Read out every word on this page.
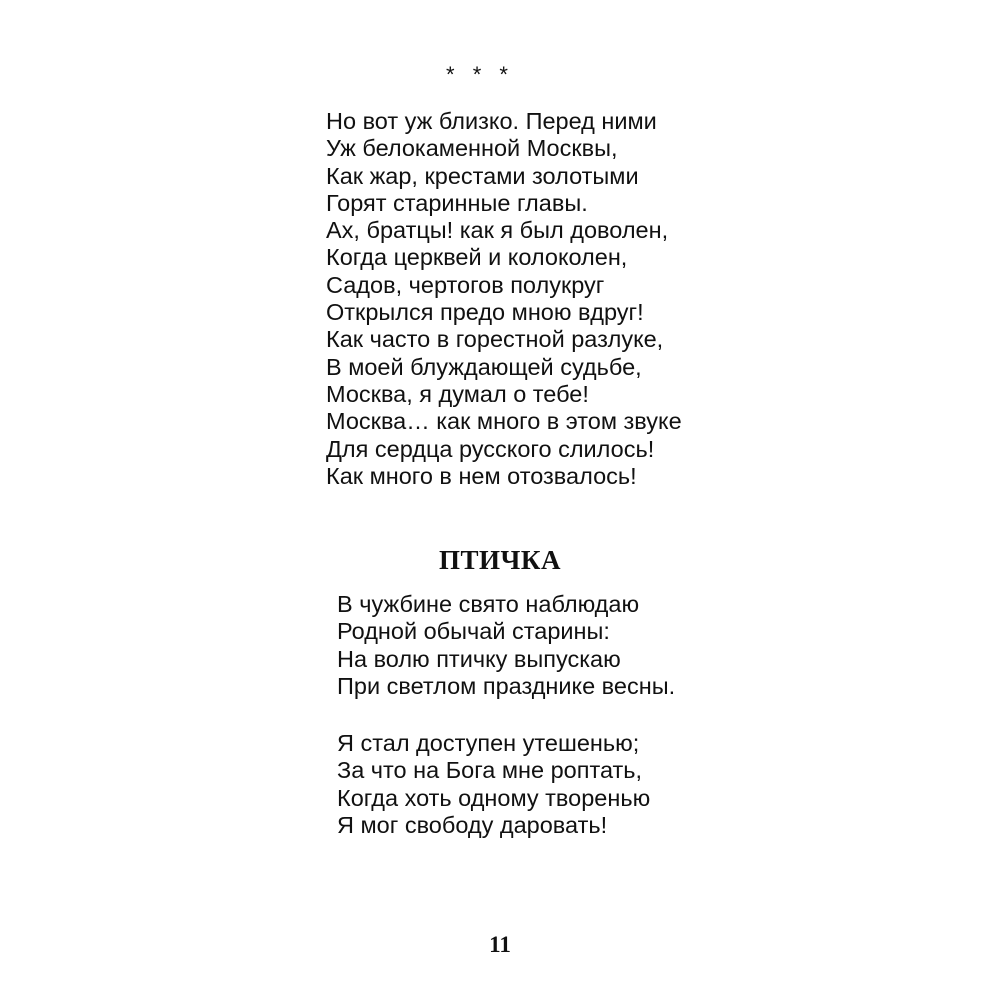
* * *
Но вот уж близко. Перед ними
Уж белокаменной Москвы,
Как жар, крестами золотыми
Горят старинные главы.
Ах, братцы! как я был доволен,
Когда церквей и колоколен,
Садов, чертогов полукруг
Открылся предо мною вдруг!
Как часто в горестной разлуке,
В моей блуждающей судьбе,
Москва, я думал о тебе!
Москва… как много в этом звуке
Для сердца русского слилось!
Как много в нем отозвалось!
ПТИЧКА
В чужбине свято наблюдаю
Родной обычай старины:
На волю птичку выпускаю
При светлом празднике весны.
Я стал доступен утешенью;
За что на Бога мне роптать,
Когда хоть одному творенью
Я мог свободу даровать!
11
